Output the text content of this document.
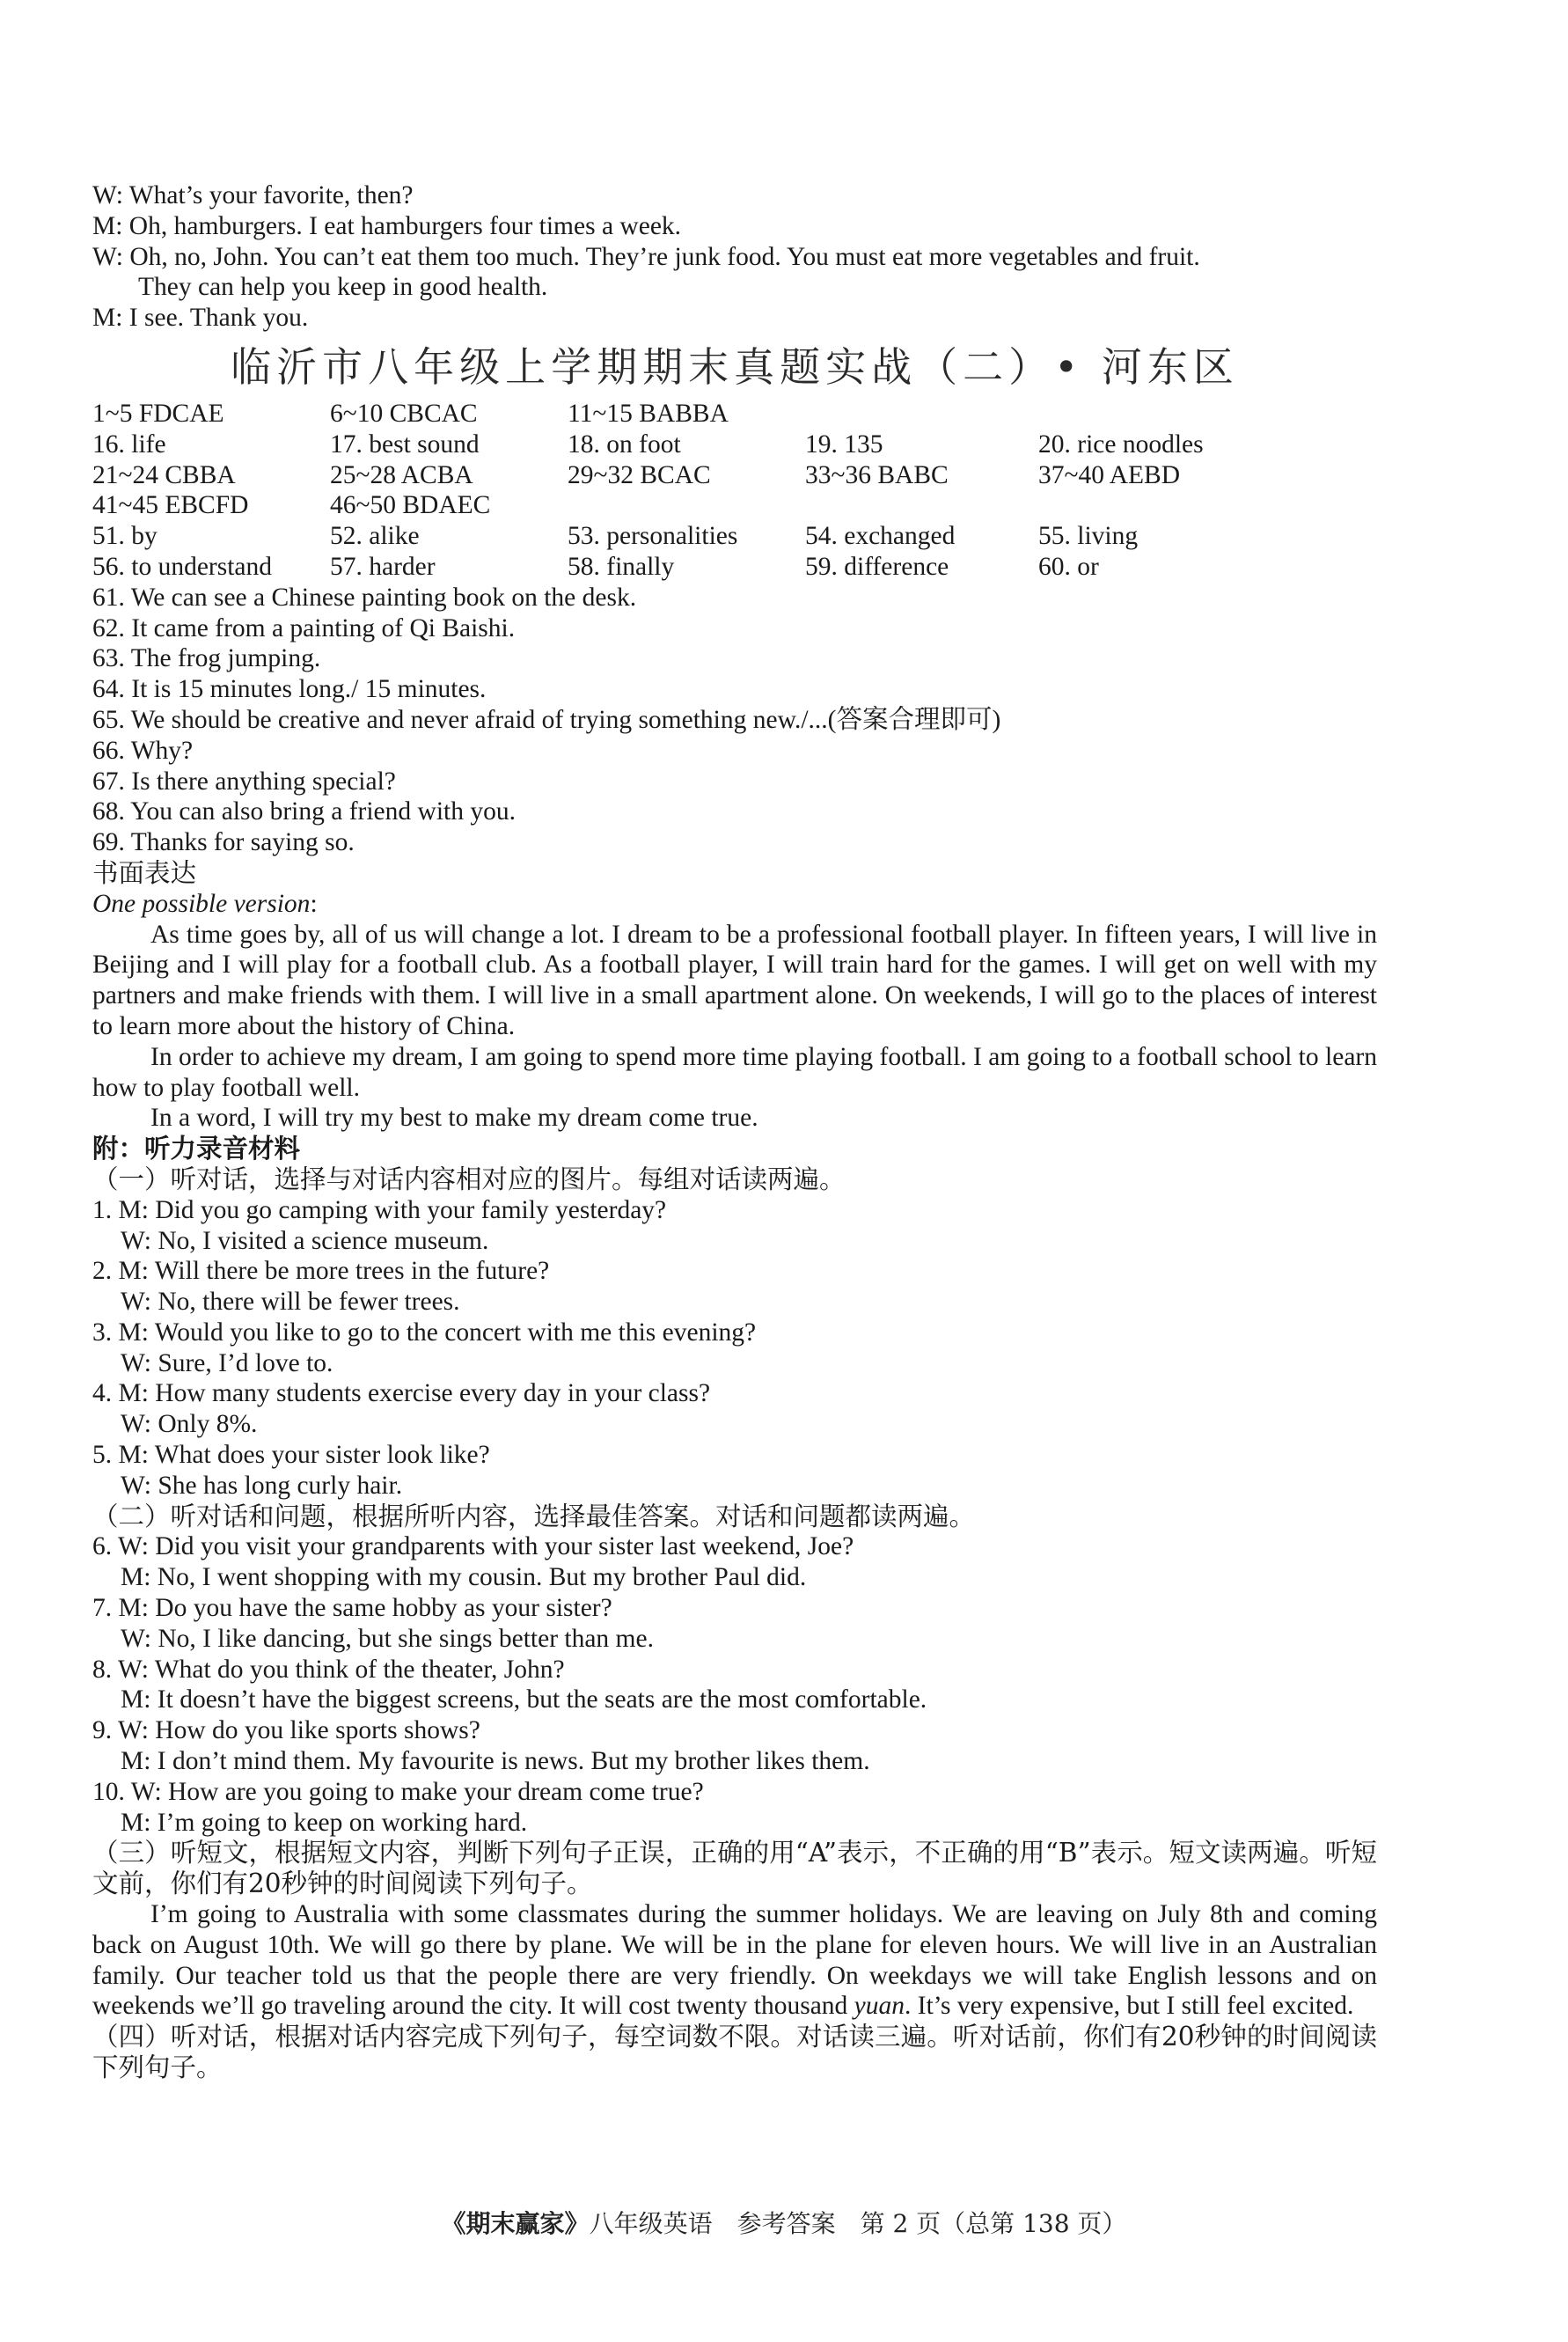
W: What’s your favorite, then?
M: Oh, hamburgers. I eat hamburgers four times a week.
W: Oh, no, John. You can’t eat them too much. They’re junk food. You must eat more vegetables and fruit.
They can help you keep in good health.
M: I see. Thank you.
临沂市八年级上学期期末真题实战（二）• 河东区
1~5 FDCAE	6~10 CBCAC	11~15 BABBA
16. life	17. best sound	18. on foot	19. 135	20. rice noodles
21~24 CBBA	25~28 ACBA	29~32 BCAC	33~36 BABC	37~40 AEBD
41~45 EBCFD	46~50 BDAEC
51. by	52. alike	53. personalities	54. exchanged	55. living
56. to understand	57. harder	58. finally	59. difference	60. or
61. We can see a Chinese painting book on the desk.
62. It came from a painting of Qi Baishi.
63. The frog jumping.
64. It is 15 minutes long./ 15 minutes.
65. We should be creative and never afraid of trying something new./...(答案合理即可)
66. Why?
67. Is there anything special?
68. You can also bring a friend with you.
69. Thanks for saying so.
书面表达
One possible version:
As time goes by, all of us will change a lot. I dream to be a professional football player. In fifteen years, I will live in Beijing and I will play for a football club. As a football player, I will train hard for the games. I will get on well with my partners and make friends with them. I will live in a small apartment alone. On weekends, I will go to the places of interest to learn more about the history of China.
In order to achieve my dream, I am going to spend more time playing football. I am going to a football school to learn how to play football well.
In a word, I will try my best to make my dream come true.
附：听力录音材料
（一）听对话，选择与对话内容相对应的图片。每组对话读两遍。
1. M: Did you go camping with your family yesterday?
W: No, I visited a science museum.
2. M: Will there be more trees in the future?
W: No, there will be fewer trees.
3. M: Would you like to go to the concert with me this evening?
W: Sure, I’d love to.
4. M: How many students exercise every day in your class?
W: Only 8%.
5. M: What does your sister look like?
W: She has long curly hair.
（二）听对话和问题，根据所听内容，选择最佳答案。对话和问题都读两遍。
6. W: Did you visit your grandparents with your sister last weekend, Joe?
M: No, I went shopping with my cousin. But my brother Paul did.
7. M: Do you have the same hobby as your sister?
W: No, I like dancing, but she sings better than me.
8. W: What do you think of the theater, John?
M: It doesn’t have the biggest screens, but the seats are the most comfortable.
9. W: How do you like sports shows?
M: I don’t mind them. My favourite is news. But my brother likes them.
10. W: How are you going to make your dream come true?
M: I’m going to keep on working hard.
（三）听短文，根据短文内容，判断下列句子正误，正确的用“A”表示，不正确的用“B”表示。短文读两遍。听短文前，你们有20秒钟的时间阅读下列句子。
I’m going to Australia with some classmates during the summer holidays. We are leaving on July 8th and coming back on August 10th. We will go there by plane. We will be in the plane for eleven hours. We will live in an Australian family. Our teacher told us that the people there are very friendly. On weekdays we will take English lessons and on weekends we’ll go traveling around the city. It will cost twenty thousand yuan. It’s very expensive, but I still feel excited.
（四）听对话，根据对话内容完成下列句子，每空词数不限。对话读三遍。听对话前，你们有20秒钟的时间阅读下列句子。
《期末赢家》八年级英语　参考答案　第 2 页（总第 138 页）
